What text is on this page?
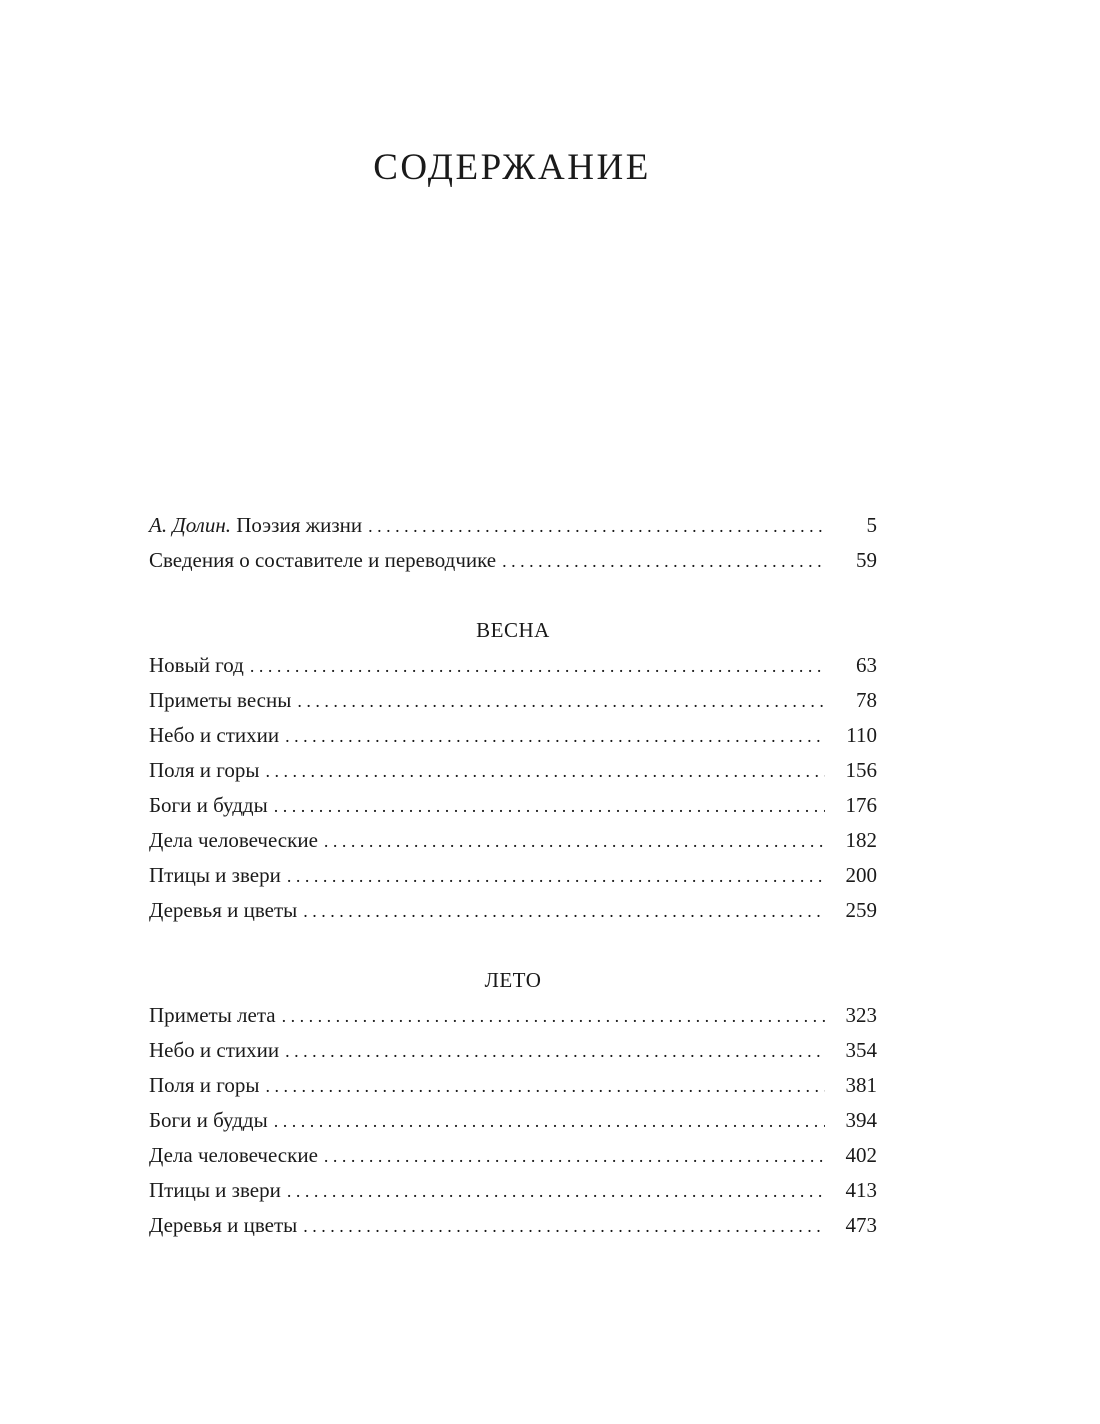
СОДЕРЖАНИЕ
А. Долин. Поэзия жизни . . .	5
Сведения о составителе и переводчике . . .	59
ВЕСНА
Новый год . . .	63
Приметы весны . . .	78
Небо и стихии . . .	110
Поля и горы . . .	156
Боги и будды . . .	176
Дела человеческие . . .	182
Птицы и звери . . .	200
Деревья и цветы . . .	259
ЛЕТО
Приметы лета . . .	323
Небо и стихии . . .	354
Поля и горы . . .	381
Боги и будды . . .	394
Дела человеческие . . .	402
Птицы и звери . . .	413
Деревья и цветы . . .	473
